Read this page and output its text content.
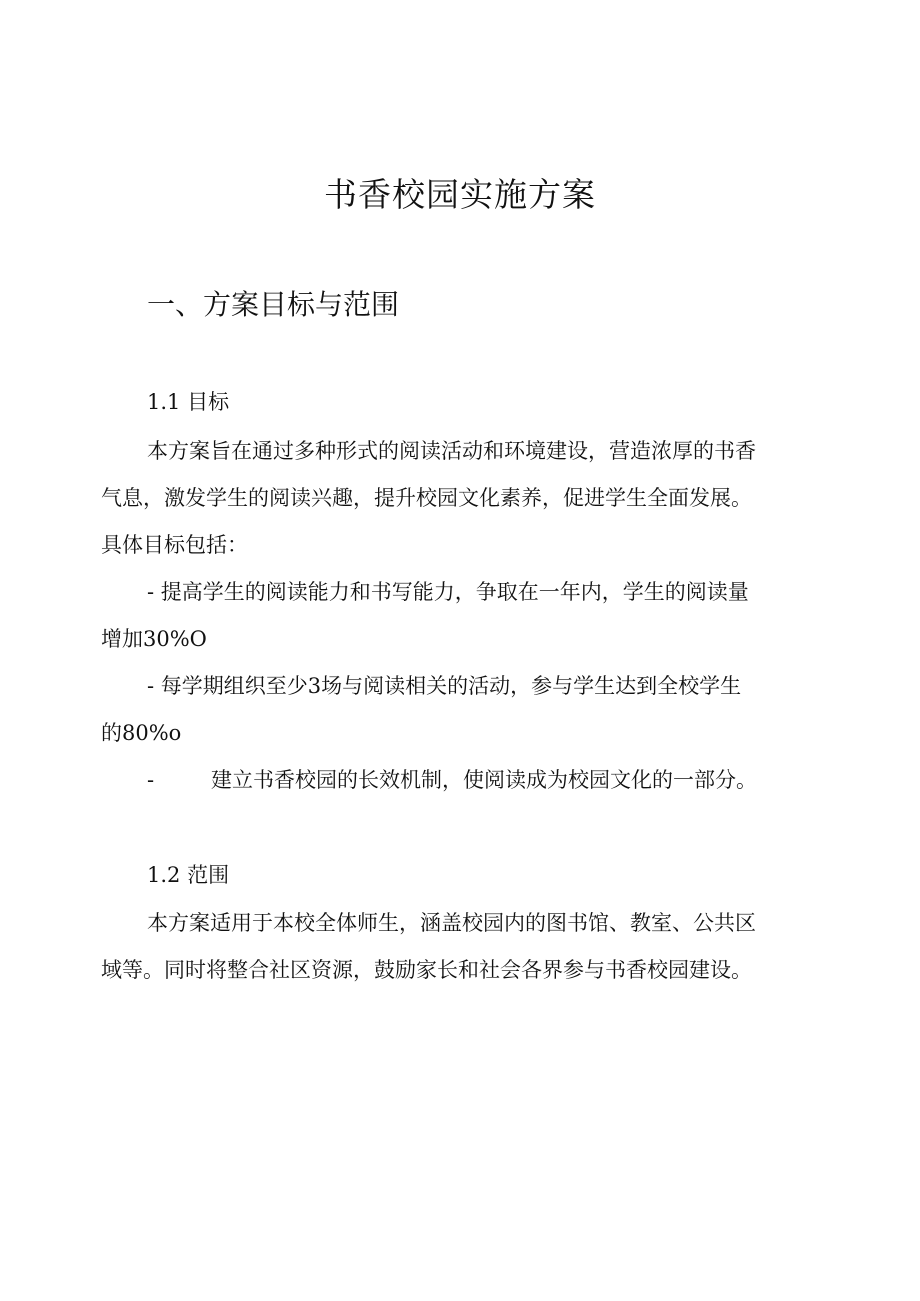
书香校园实施方案
一、方案目标与范围
1.1 目标

本方案旨在通过多种形式的阅读活动和环境建设，营造浓厚的书香

气息，激发学生的阅读兴趣，提升校园文化素养，促进学生全面发展。

具体目标包括：

- 提高学生的阅读能力和书写能力，争取在一年内，学生的阅读量

增加30%O

- 每学期组织至少3场与阅读相关的活动，参与学生达到全校学生

的80%o

-	建立书香校园的长效机制，使阅读成为校园文化的一部分。

1.2 范围

本方案适用于本校全体师生，涵盖校园内的图书馆、教室、公共区

域等。同时将整合社区资源，鼓励家长和社会各界参与书香校园建设。
